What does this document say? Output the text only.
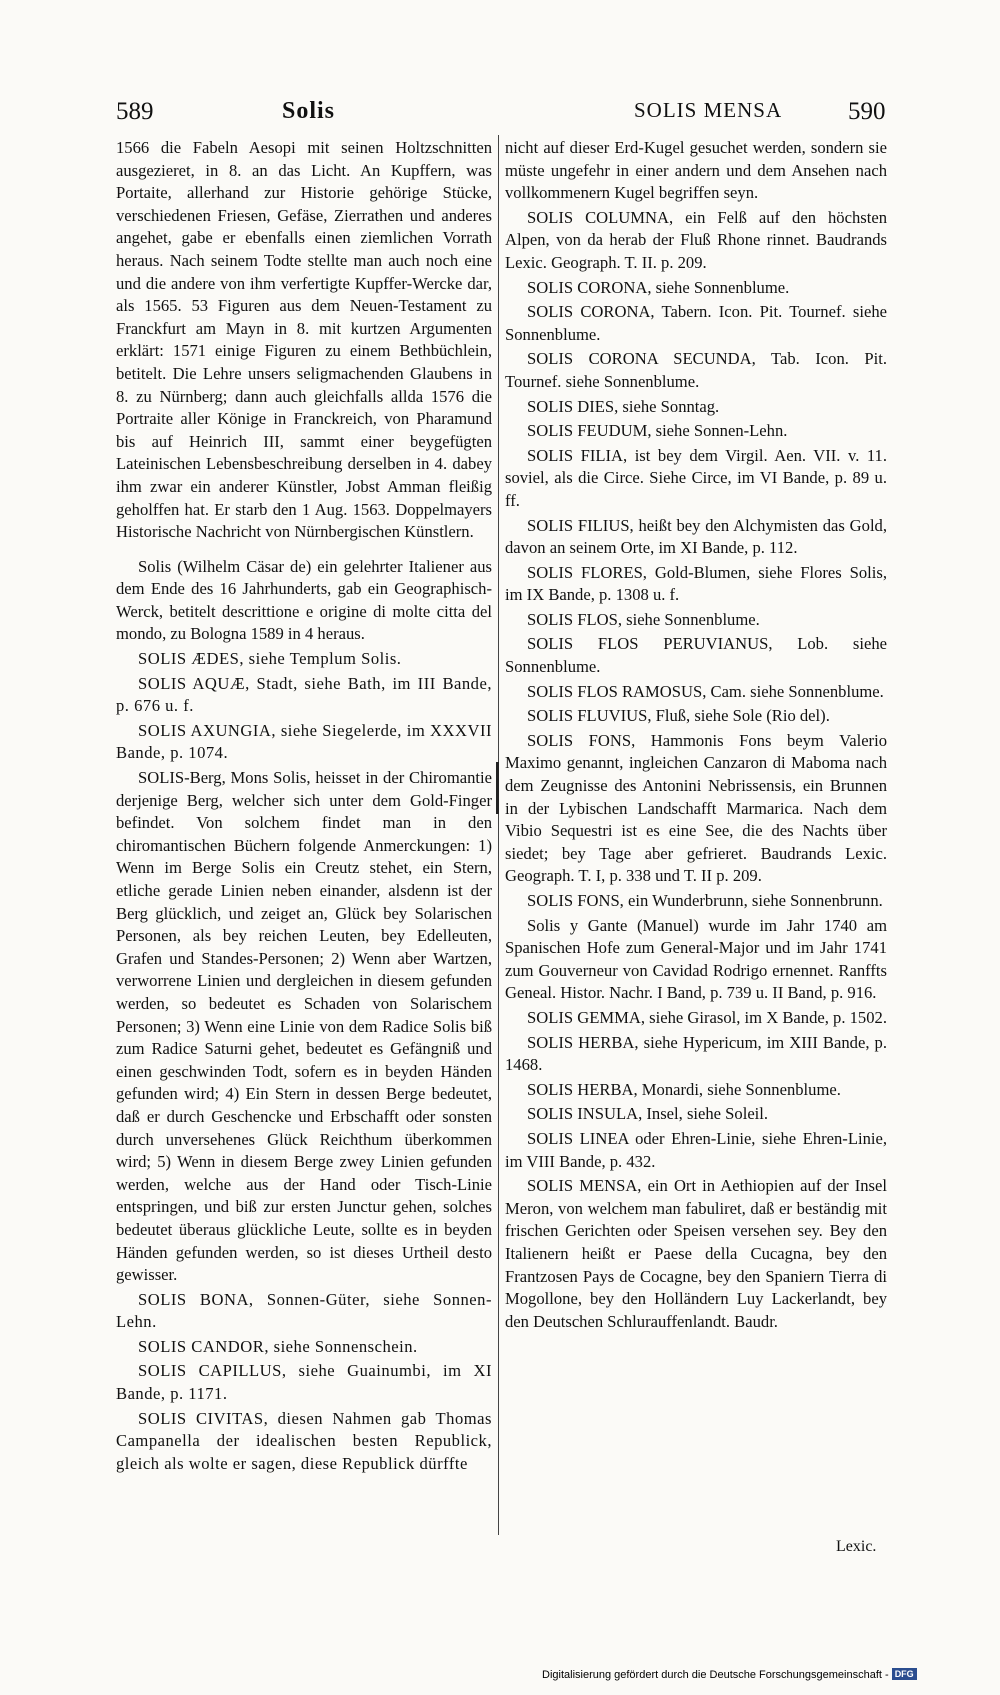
589	Solis	SOLIS MENSA	590

1566 die Fabeln Aesopi mit seinen Holtzschnitten ausgezieret, in 8. an das Licht. An Kupffern, was Portaite, allerhand zur Historie gehörige Stücke, verschiedenen Friesen, Gefäse, Zierrathen und anderes angehet, gabe er ebenfalls einen ziemlichen Vorrath heraus. Nach seinem Todte stellte man auch noch eine und die andere von ihm verfertigte Kupffer-Wercke dar, als 1565. 53 Figuren aus dem Neuen-Testament zu Franckfurt am Mayn in 8. mit kurtzen Argumenten erklärt: 1571 einige Figuren zu einem Bethbüchlein, betitelt. Die Lehre unsers seligmachenden Glaubens in 8. zu Nürnberg; dann auch gleichfalls allda 1576 die Portraite aller Könige in Franckreich, von Pharamund bis auf Heinrich III, sammt einer beygefügten Lateinischen Lebensbeschreibung derselben in 4. dabey ihm zwar ein anderer Künstler, Jobst Amman fleißig geholffen hat. Er starb den 1 Aug. 1563. Doppelmayers Historische Nachricht von Nürnbergischen Künstlern.

Solis (Wilhelm Cäsar de) ein gelehrter Italiener aus dem Ende des 16 Jahrhunderts, gab ein Geographisch-Werck, betitelt descrittione e origine di molte citta del mondo, zu Bologna 1589 in 4 heraus.

SOLIS ÆDES, siehe Templum Solis.

SOLIS AQUÆ, Stadt, siehe Bath, im III Bande, p. 676 u. f.

SOLIS AXUNGIA, siehe Siegelerde, im XXXVII Bande, p. 1074.

SOLIS-Berg, Mons Solis, heisset in der Chiromantie derjenige Berg, welcher sich unter dem Gold-Finger befindet. Von solchem findet man in den chiromantischen Büchern folgende Anmerckungen: 1) Wenn im Berge Solis ein Creutz stehet, ein Stern, etliche gerade Linien neben einander, alsdenn ist der Berg glücklich, und zeiget an, Glück bey Solarischen Personen, als bey reichen Leuten, bey Edelleuten, Grafen und Standes-Personen; 2) Wenn aber Wartzen, verworrene Linien und dergleichen in diesem gefunden werden, so bedeutet es Schaden von Solarischem Personen; 3) Wenn eine Linie von dem Radice Solis biß zum Radice Saturni gehet, bedeutet es Gefängniß und einen geschwinden Todt, sofern es in beyden Händen gefunden wird; 4) Ein Stern in dessen Berge bedeutet, daß er durch Geschencke und Erbschafft oder sonsten durch unversehenes Glück Reichthum überkommen wird; 5) Wenn in diesem Berge zwey Linien gefunden werden, welche aus der Hand oder Tisch-Linie entspringen, und biß zur ersten Junctur gehen, solches bedeutet überaus glückliche Leute, sollte es in beyden Händen gefunden werden, so ist dieses Urtheil desto gewisser.

SOLIS BONA, Sonnen-Güter, siehe Sonnen-Lehn.

SOLIS CANDOR, siehe Sonnenschein.

SOLIS CAPILLUS, siehe Guainumbi, im XI Bande, p. 1171.

SOLIS CIVITAS, diesen Nahmen gab Thomas Campanella der idealischen besten Republick, gleich als wolte er sagen, diese Republick dürffte

nicht auf dieser Erd-Kugel gesuchet werden, sondern sie müste ungefehr in einer andern und dem Ansehen nach vollkommenern Kugel begriffen seyn.

SOLIS COLUMNA, ein Felß auf den höchsten Alpen, von da herab der Fluß Rhone rinnet. Baudrands Lexic. Geograph. T. II. p. 209.

SOLIS CORONA, siehe Sonnenblume.

SOLIS CORONA, Tabern. Icon. Pit. Tournef. siehe Sonnenblume.

SOLIS CORONA SECUNDA, Tab. Icon. Pit. Tournef. siehe Sonnenblume.

SOLIS DIES, siehe Sonntag.

SOLIS FEUDUM, siehe Sonnen-Lehn.

SOLIS FILIA, ist bey dem Virgil. Aen. VII. v. 11. soviel, als die Circe. Siehe Circe, im VI Bande, p. 89 u. ff.

SOLIS FILIUS, heißt bey den Alchymisten das Gold, davon an seinem Orte, im XI Bande, p. 112.

SOLIS FLORES, Gold-Blumen, siehe Flores Solis, im IX Bande, p. 1308 u. f.

SOLIS FLOS, siehe Sonnenblume.

SOLIS FLOS PERUVIANUS, Lob. siehe Sonnenblume.

SOLIS FLOS RAMOSUS, Cam. siehe Sonnenblume.

SOLIS FLUVIUS, Fluß, siehe Sole (Rio del).

SOLIS FONS, Hammonis Fons beym Valerio Maximo genannt, ingleichen Canzaron di Maboma nach dem Zeugnisse des Antonini Nebrissensis, ein Brunnen in der Lybischen Landschafft Marmarica. Nach dem Vibio Sequestri ist es eine See, die des Nachts über siedet; bey Tage aber gefrieret. Baudrands Lexic. Geograph. T. I, p. 338 und T. II p. 209.

SOLIS FONS, ein Wunderbrunn, siehe Sonnenbrunn.

Solis y Gante (Manuel) wurde im Jahr 1740 am Spanischen Hofe zum General-Major und im Jahr 1741 zum Gouverneur von Cavidad Rodrigo ernennet. Ranffts Geneal. Histor. Nachr. I Band, p. 739 u. II Band, p. 916.

SOLIS GEMMA, siehe Girasol, im X Bande, p. 1502.

SOLIS HERBA, siehe Hypericum, im XIII Bande, p. 1468.

SOLIS HERBA, Monardi, siehe Sonnenblume.

SOLIS INSULA, Insel, siehe Soleil.

SOLIS LINEA oder Ehren-Linie, siehe Ehren-Linie, im VIII Bande, p. 432.

SOLIS MENSA, ein Ort in Aethiopien auf der Insel Meron, von welchem man fabuliret, daß er beständig mit frischen Gerichten oder Speisen versehen sey. Bey den Italienern heißt er Paese della Cucagna, bey den Frantzosen Pays de Cocagne, bey den Spaniern Tierra di Mogollone, bey den Holländern Luy Lackerlandt, bey den Deutschen Schlurauffenlandt. Baudr.

Lexic.
Digitalisierung gefördert durch die Deutsche Forschungsgemeinschaft - DFG
